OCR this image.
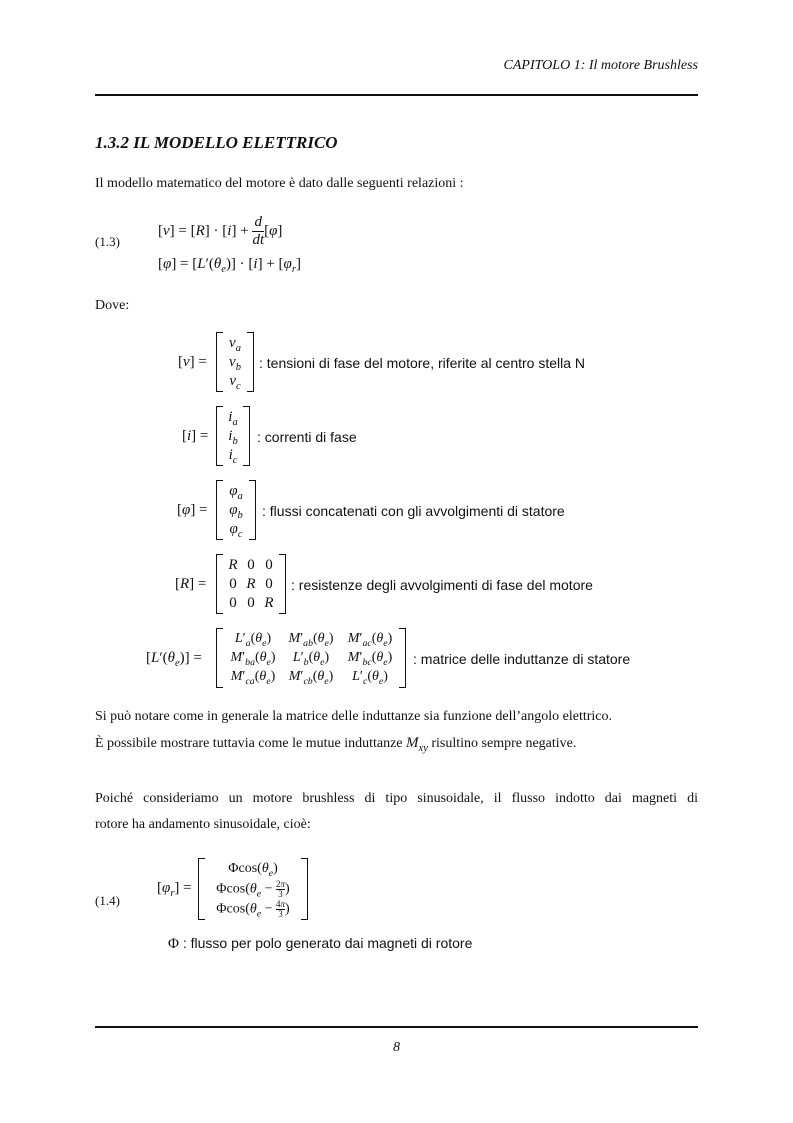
CAPITOLO 1: Il motore Brushless
1.3.2 IL MODELLO ELETTRICO
Il modello matematico del motore è dato dalle seguenti relazioni :
(1.3)
$[v] = [R] \cdot [i] + \frac{d}{dt} [\varphi]$
$[\varphi] = [L'(\theta_e)] \cdot [i] + [\varphi_r]$
Dove:
[v] =
$v_a$
$v_b$
$v_c$
: tensioni di fase del motore, riferite al centro stella N
[i] =
$i_a$
$i_b$
$i_c$
: correnti di fase
[φ] =
$\varphi_a$
$\varphi_b$
$\varphi_c$
: flussi concatenati con gli avvolgimenti di statore
[R] =
R 0 0
0 R 0
0 0 R
: resistenze degli avvolgimenti di fase del motore
$[L'(\theta_e)]$ =
$L'_a(\theta_e)$	$M'_{ab}(\theta_e)$	$M'_{ac}(\theta_e)$
$M'_{ba}(\theta_e)$	$L'_b(\theta_e)$	$M'_{bc}(\theta_e)$
$M'_{ca}(\theta_e)$ $M'_{cb}(\theta_e)$	$L'_c(\theta_e)$
: matrice delle induttanze di statore
Si può notare come in generale la matrice delle induttanze sia funzione dell’angolo elettrico.
È possibile mostrare tuttavia come le mutue induttanze $M_{xy}$ risultino sempre negative.
Poiché consideriamo un motore brushless di tipo sinusoidale, il flusso indotto dai magneti di
rotore ha andamento sinusoidale, cioè:
(1.4)
$[\varphi_r]$ =
$\Phi\cos(\theta_e)$
$\Phi\cos(\theta_e - \frac{2\pi}{3})$
$\Phi\cos(\theta_e - \frac{4\pi}{3})$
Φ : flusso per polo generato dai magneti di rotore
8
